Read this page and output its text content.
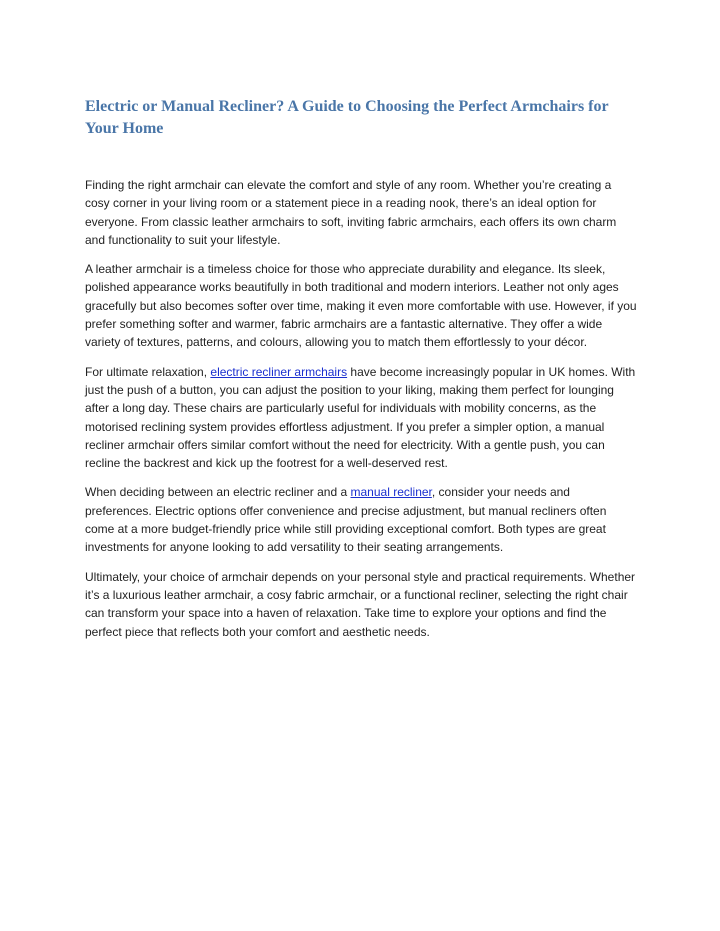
Electric or Manual Recliner? A Guide to Choosing the Perfect Armchairs for Your Home

Finding the right armchair can elevate the comfort and style of any room. Whether you’re creating a cosy corner in your living room or a statement piece in a reading nook, there’s an ideal option for everyone. From classic leather armchairs to soft, inviting fabric armchairs, each offers its own charm and functionality to suit your lifestyle.

A leather armchair is a timeless choice for those who appreciate durability and elegance. Its sleek, polished appearance works beautifully in both traditional and modern interiors. Leather not only ages gracefully but also becomes softer over time, making it even more comfortable with use. However, if you prefer something softer and warmer, fabric armchairs are a fantastic alternative. They offer a wide variety of textures, patterns, and colours, allowing you to match them effortlessly to your décor.

For ultimate relaxation, electric recliner armchairs have become increasingly popular in UK homes. With just the push of a button, you can adjust the position to your liking, making them perfect for lounging after a long day. These chairs are particularly useful for individuals with mobility concerns, as the motorised reclining system provides effortless adjustment. If you prefer a simpler option, a manual recliner armchair offers similar comfort without the need for electricity. With a gentle push, you can recline the backrest and kick up the footrest for a well-deserved rest.

When deciding between an electric recliner and a manual recliner, consider your needs and preferences. Electric options offer convenience and precise adjustment, but manual recliners often come at a more budget-friendly price while still providing exceptional comfort. Both types are great investments for anyone looking to add versatility to their seating arrangements.

Ultimately, your choice of armchair depends on your personal style and practical requirements. Whether it’s a luxurious leather armchair, a cosy fabric armchair, or a functional recliner, selecting the right chair can transform your space into a haven of relaxation. Take time to explore your options and find the perfect piece that reflects both your comfort and aesthetic needs.
